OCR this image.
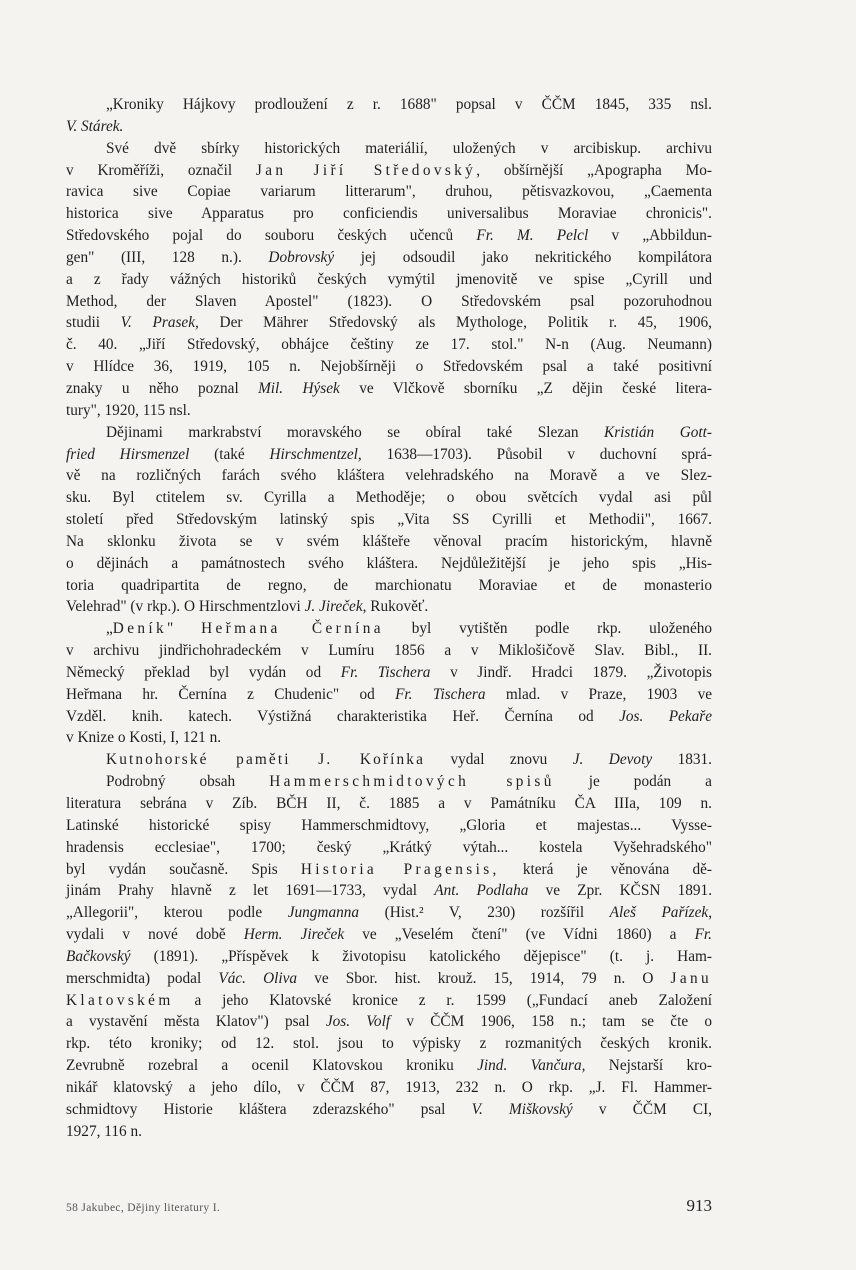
„Kroniky Hájkovy prodloužení z r. 1688" popsal v ČČM 1845, 335 nsl.
V. Stárek.
Své dvě sbírky historických materiálií, uložených v arcibiskup. archivu
v Kroměříži, označil Jan Jiří Středovský, obšírnější „Apographa Mo-
ravica sive Copiae variarum litterarum", druhou, pětisvazkovou, „Caementa
historica sive Apparatus pro conficiendis universalibus Moraviae chronicis".
Středovského pojal do souboru českých učenců Fr. M. Pelcl v „Abbildun-
gen" (III, 128 n.). Dobrovský jej odsoudil jako nekritického kompilátora
a z řady vážných historiků českých vymýtil jmenovitě ve spise „Cyrill und
Method, der Slaven Apostel" (1823). O Středovském psal pozoruhodnou
studii V. Prasek, Der Mährer Středovský als Mythologe, Politik r. 45, 1906,
č. 40. „Jiří Středovský, obhájce češtiny ze 17. stol." N-n (Aug. Neumann)
v Hlídce 36, 1919, 105 n. Nejobšírněji o Středovském psal a také positivní
znaky u něho poznal Mil. Hýsek ve Vlčkově sborníku „Z dějin české litera-
tury", 1920, 115 nsl.
Dějinami markrabství moravského se obíral také Slezan Kristián Gott-
fried Hirsmenzel (také Hirschmentzel, 1638—1703). Působil v duchovní sprá-
vě na rozličných farách svého kláštera velehradského na Moravě a ve Slez-
sku. Byl ctitelem sv. Cyrilla a Methoděje; o obou světcích vydal asi půl
století před Středovským latinský spis „Vita SS Cyrilli et Methodii", 1667.
Na sklonku života se v svém klášteře věnoval pracím historickým, hlavně
o dějinách a památnostech svého kláštera. Nejdůležitější je jeho spis „His-
toria quadripartita de regno, de marchionatu Moraviae et de monasterio
Velehrad" (v rkp.). O Hirschmentzlovi J. Jireček, Rukověť.
„Deník" Heřmana Černína byl vytištěn podle rkp. uloženého
v archivu jindřichohradeckém v Lumíru 1856 a v Miklošičově Slav. Bibl., II.
Německý překlad byl vydán od Fr. Tischera v Jindř. Hradci 1879. „Životopis
Heřmana hr. Černína z Chudenic" od Fr. Tischera mlad. v Praze, 1903 ve
Vzděl. knih. katech. Výstižná charakteristika Heř. Černína od Jos. Pekaře
v Knize o Kosti, I, 121 n.
Kutnohorské paměti J. Kořínka vydal znovu J. Devoty 1831.
Podrobný obsah Hammerschmidtových spisů je podán a
literatura sebrána v Zíb. BČH II, č. 1885 a v Památníku ČA IIIa, 109 n.
Latinské historické spisy Hammerschmidtovy, „Gloria et majestas... Vysse-
hradensis ecclesiae", 1700; český „Krátký výtah... kostela Vyšehradského"
byl vydán současně. Spis Historia Pragensis, která je věnována dě-
jinám Prahy hlavně z let 1691—1733, vydal Ant. Podlaha ve Zpr. KČSN 1891.
„Allegorii", kterou podle Jungmanna (Hist.² V, 230) rozšířil Aleš Pařízek,
vydali v nové době Herm. Jireček ve „Veselém čtení" (ve Vídni 1860) a Fr.
Bačkovský (1891). „Příspěvek k životopisu katolického dějepisce" (t. j. Ham-
merschmidta) podal Vác. Oliva ve Sbor. hist. krouž. 15, 1914, 79 n. O Janu
Klatovském a jeho Klatovské kronice z r. 1599 („Fundací aneb Založení
a vystavění města Klatov") psal Jos. Volf v ČČM 1906, 158 n.; tam se čte o
rkp. této kroniky; od 12. stol. jsou to výpisky z rozmanitých českých kronik.
Zevrubně rozebral a ocenil Klatovskou kroniku Jind. Vančura, Nejstarší kro-
nikář klatovský a jeho dílo, v ČČM 87, 1913, 232 n. O rkp. „J. Fl. Hammer-
schmidtovy Historie kláštera zderazského" psal V. Miškovský v ČČM CI,
1927, 116 n.
58 Jakubec, Dějiny literatury I.	913
